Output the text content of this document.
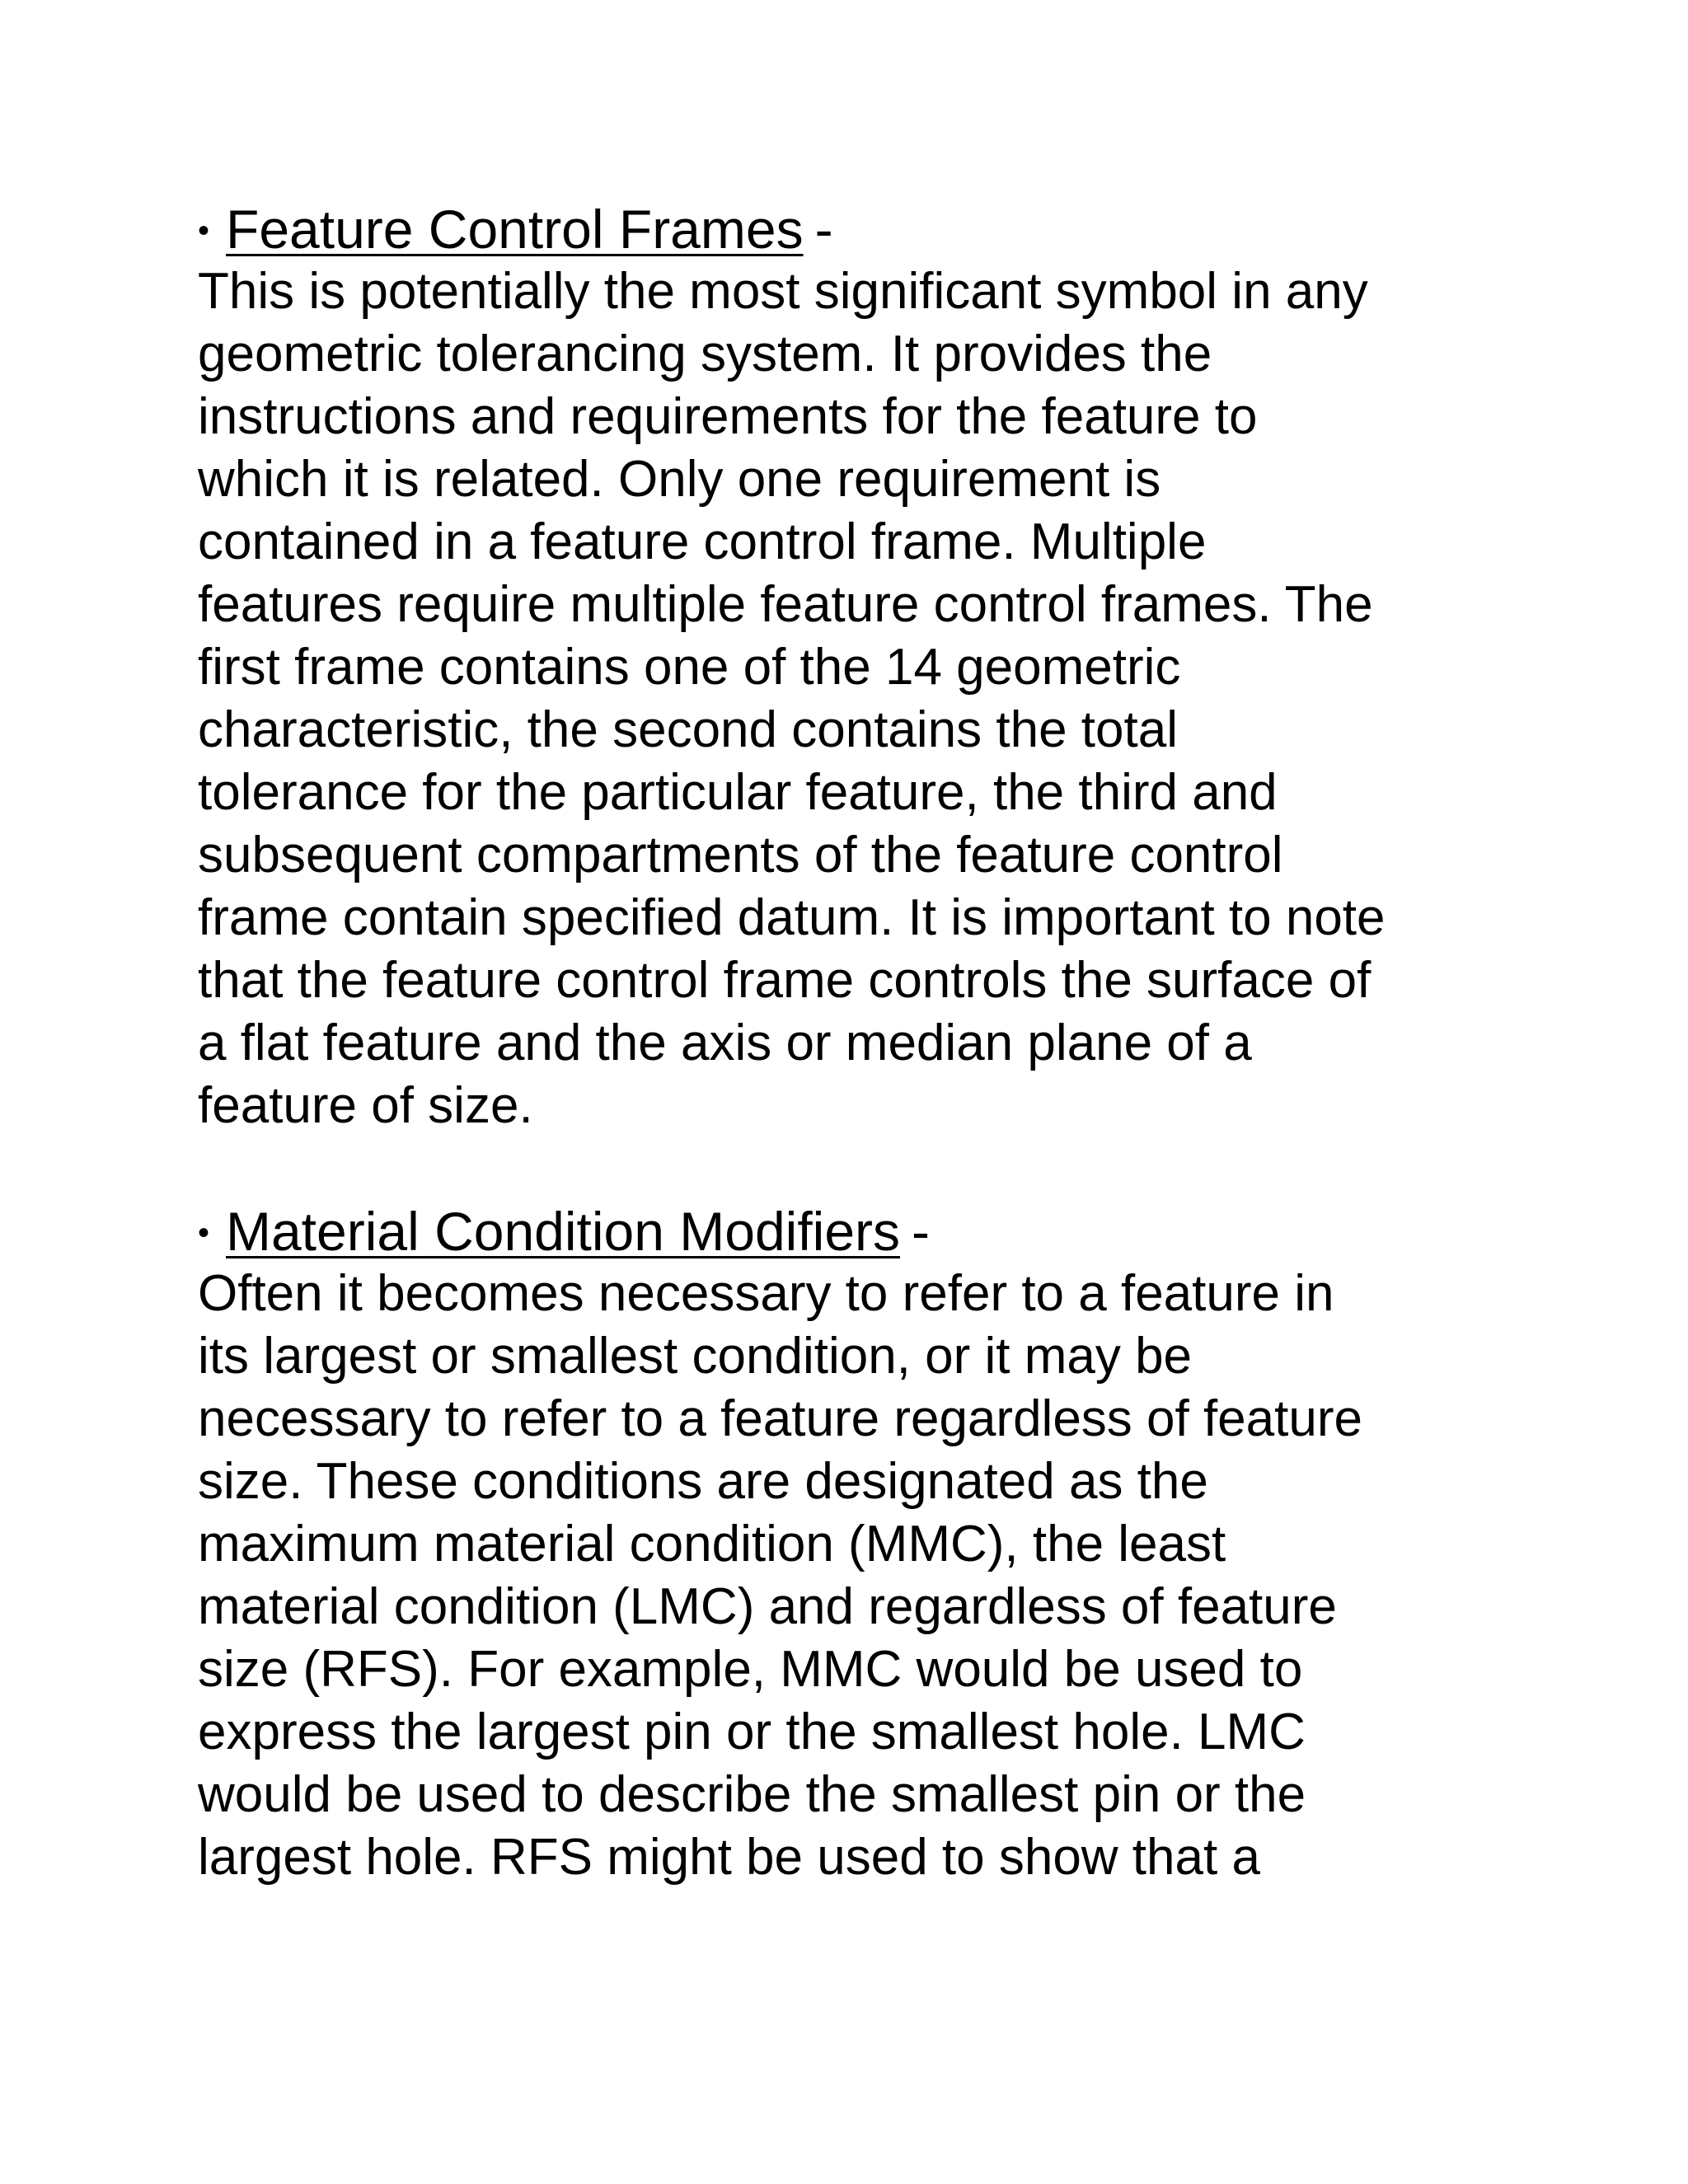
• Feature Control Frames -
This is potentially the most significant symbol in any
geometric tolerancing system. It provides the
instructions and requirements for the feature to
which it is related. Only one requirement is
contained in a feature control frame. Multiple
features require multiple feature control frames. The
first frame contains one of the 14 geometric
characteristic, the second contains the total
tolerance for the particular feature, the third and
subsequent compartments of the feature control
frame contain specified datum. It is important to note
that the feature control frame controls the surface of
a flat feature and the axis or median plane of a
feature of size.
• Material Condition Modifiers -
Often it becomes necessary to refer to a feature in
its largest or smallest condition, or it may be
necessary to refer to a feature regardless of feature
size. These conditions are designated as the
maximum material condition (MMC), the least
material condition (LMC) and regardless of feature
size (RFS). For example, MMC would be used to
express the largest pin or the smallest hole. LMC
would be used to describe the smallest pin or the
largest hole. RFS might be used to show that a
